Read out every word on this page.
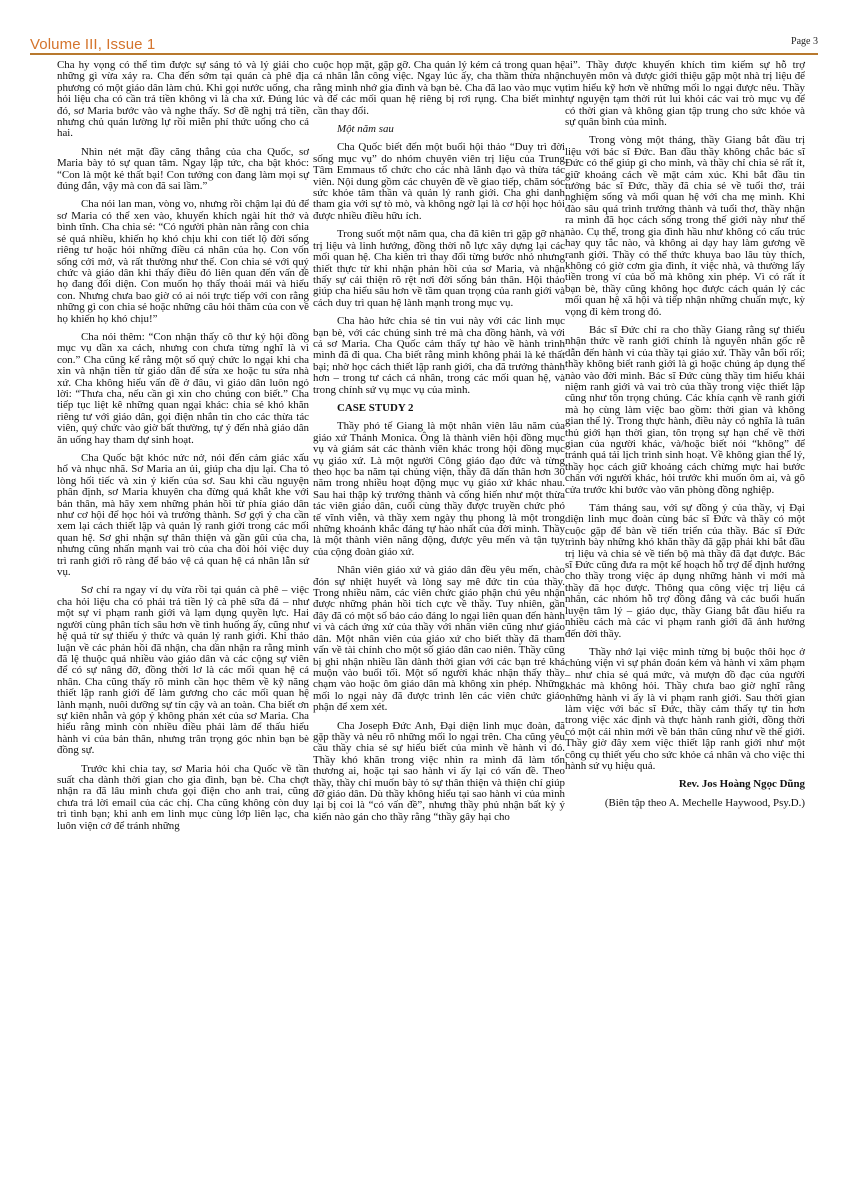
Volume III, Issue 1	Page 3

Cha hy vọng có thể tìm được sự sáng tỏ và lý giải cho những gì vừa xảy ra. Cha đến sớm tại quán cà phê địa phương có một giáo dân làm chủ. Khi gọi nước uống, cha hỏi liệu cha có cần trả tiền không vì là cha xứ. Đúng lúc đó, sơ Maria bước vào và nghe thấy. Sơ đề nghị trả tiền, nhưng chủ quán lường lự rồi miễn phí thức uống cho cả hai.

Nhìn nét mặt đầy căng thẳng của cha Quốc, sơ Maria bày tỏ sự quan tâm. Ngay lập tức, cha bật khóc: “Con là một kẻ thất bại! Con tưởng con đang làm mọi sự đúng đắn, vậy mà con đã sai lầm.”

Cha nói lan man, vòng vo, nhưng rồi chậm lại đủ để sơ Maria có thể xen vào, khuyến khích ngài hít thở và bình tĩnh. Cha chia sẻ: “Có người phàn nàn rằng con chia sẻ quá nhiều, khiến họ khó chịu khi con tiết lộ đời sống riêng tư hoặc hỏi những điều cá nhân của họ. Con vốn sống cởi mở, và rất thường như thế. Con chia sẻ với quý chức và giáo dân khi thấy điều đó liên quan đến vấn đề họ đang đối diện. Con muốn họ thấy thoải mái và hiểu con. Nhưng chưa bao giờ có ai nói trực tiếp với con rằng những gì con chia sẻ hoặc những câu hỏi thăm của con về họ khiến họ khó chịu!”

Cha nói thêm: “Con nhận thấy cô thư ký hội đồng mục vụ dần xa cách, nhưng con chưa từng nghĩ là vì con.” Cha cũng kể rằng một số quý chức lo ngại khi cha xin và nhận tiền từ giáo dân để sửa xe hoặc tu sửa nhà xứ. Cha không hiểu vấn đề ở đâu, vì giáo dân luôn ngỏ lời: “Thưa cha, nếu cần gì xin cho chúng con biết.” Cha tiếp tục liệt kê những quan ngại khác: chia sẻ khó khăn riêng tư với giáo dân, gọi điện nhắn tin cho các thừa tác viên, quý chức vào giờ bất thường, tự ý đến nhà giáo dân ăn uống hay tham dự sinh hoạt.

Cha Quốc bật khóc nức nở, nói đến cảm giác xấu hổ và nhục nhã. Sơ Maria an ủi, giúp cha dịu lại. Cha tỏ lòng hối tiếc và xin ý kiến của sơ. Sau khi cầu nguyện phân định, sơ Maria khuyên cha đừng quá khắt khe với bản thân, mà hãy xem những phản hồi từ phía giáo dân như cơ hội để học hỏi và trưởng thành. Sơ gợi ý cha cần xem lại cách thiết lập và quản lý ranh giới trong các mối quan hệ. Sơ ghi nhận sự thân thiện và gần gũi của cha, nhưng cũng nhấn mạnh vai trò của cha đòi hỏi việc duy trì ranh giới rõ ràng để bảo vệ cả quan hệ cá nhân lẫn sứ vụ.

Sơ chỉ ra ngay ví dụ vừa rồi tại quán cà phê – việc cha hỏi liệu cha có phải trả tiền lý cà phê sữa đá – như một sự vi phạm ranh giới và lạm dụng quyền lực. Hai người cùng phân tích sâu hơn về tình huống ấy, cũng như hệ quả từ sự thiếu ý thức và quản lý ranh giới. Khi thảo luận về các phản hồi đã nhận, cha dần nhận ra rằng mình đã lệ thuộc quá nhiều vào giáo dân và các cộng sự viên để có sự nâng đỡ, đồng thời lơ là các mối quan hệ cá nhân. Cha cũng thấy rõ mình cần học thêm về kỹ năng thiết lập ranh giới để làm gương cho các mối quan hệ lành mạnh, nuôi dưỡng sự tín cậy và an toàn. Cha biết ơn sự kiên nhẫn và góp ý không phán xét của sơ Maria. Cha hiểu rằng mình còn nhiều điều phải làm để thấu hiểu hành vi của bản thân, nhưng trân trọng góc nhìn bạn bè đồng sự.

Trước khi chia tay, sơ Maria hỏi cha Quốc về tần suất cha dành thời gian cho gia đình, bạn bè. Cha chợt nhận ra đã lâu mình chưa gọi điện cho anh trai, cũng chưa trả lời email của các chị. Cha cũng không còn duy trì tình bạn; khi anh em linh mục cùng lớp liên lạc, cha luôn viện cớ để tránh những

cuộc họp mặt, gặp gỡ. Cha quản lý kém cả trong quan hệ cá nhân lẫn công việc. Ngay lúc ấy, cha thầm thừa nhận rằng mình nhớ gia đình và bạn bè. Cha đã lao vào mục vụ và để các mối quan hệ riêng bị rơi rụng. Cha biết mình cần thay đổi.

Một năm sau

Cha Quốc biết đến một buổi hội thảo “Duy trì đời sống mục vụ” do nhóm chuyên viên trị liệu của Trung Tâm Emmaus tổ chức cho các nhà lãnh đạo và thừa tác viên. Nội dung gồm các chuyên đề về giao tiếp, chăm sóc sức khỏe tâm thần và quản lý ranh giới. Cha ghi danh tham gia với sự tò mò, và không ngờ lại là cơ hội học hỏi được nhiều điều hữu ích.

Trong suốt một năm qua, cha đã kiên trì gặp gỡ nhà trị liệu và linh hướng, đồng thời nỗ lực xây dựng lại các mối quan hệ. Cha kiên trì thay đổi từng bước nhỏ nhưng thiết thực từ khi nhận phản hồi của sơ Maria, và nhận thấy sự cải thiện rõ rệt nơi đời sống bản thân. Hội thảo giúp cha hiểu sâu hơn về tầm quan trọng của ranh giới và cách duy trì quan hệ lành mạnh trong mục vụ.

Cha hào hức chia sẻ tin vui này với các linh mục bạn bè, với các chúng sinh trẻ mà cha đồng hành, và với cả sơ Maria. Cha Quốc cảm thấy tự hào về hành trình mình đã đi qua. Cha biết rằng mình không phải là kẻ thất bại; nhờ học cách thiết lập ranh giới, cha đã trưởng thành hơn – trong tư cách cá nhân, trong các mối quan hệ, và trong chính sứ vụ mục vụ của mình.

CASE STUDY 2

Thầy phó tế Giang là một nhân viên lâu năm của giáo xứ Thánh Monica. Ông là thành viên hội đồng mục vụ và giám sát các thành viên khác trong hội đồng mục vụ giáo xứ. Là một người Công giáo đạo đức và từng theo học ba năm tại chủng viện, thầy đã dấn thân hơn 30 năm trong nhiều hoạt động mục vụ giáo xứ khác nhau. Sau hai thập kỷ trưởng thành và cống hiến như một thừa tác viên giáo dân, cuối cùng thầy được truyền chức phó tế vĩnh viễn, và thầy xem ngày thụ phong là một trong những khoảnh khắc đáng tự hào nhất của đời mình. Thầy là một thành viên năng động, được yêu mến và tận tụy của cộng đoàn giáo xứ.

Nhân viên giáo xứ và giáo dân đều yêu mến, chào đón sự nhiệt huyết và lòng say mê đức tin của thầy. Trong nhiều năm, các viên chức giáo phận chú yêu nhận được những phản hồi tích cực về thầy. Tuy nhiên, gần đây đã có một số báo cáo đáng lo ngại liên quan đến hành vi và cách ứng xử của thầy với nhân viên cũng như giáo dân. Một nhân viên của giáo xứ cho biết thầy đã tham vấn về tài chính cho một số giáo dân cao niên. Thầy cũng bị ghi nhận nhiều lần dành thời gian với các bạn trẻ khá muộn vào buổi tối. Một số người khác nhận thấy thầy chạm vào hoặc ôm giáo dân mà không xin phép. Những mối lo ngại này đã được trình lên các viên chức giáo phận để xem xét.

Cha Joseph Đức Anh, Đại diện linh mục đoàn, đã gặp thầy và nêu rõ những mối lo ngại trên. Cha cũng yêu cầu thầy chia sẻ sự hiểu biết của mình về hành vi đó. Thầy khó khăn trong việc nhìn ra mình đã làm tổn thương ai, hoặc tại sao hành vi ấy lại có vấn đề. Theo thầy, thầy chỉ muốn bày tỏ sự thân thiện và thiện chí giúp đỡ giáo dân. Dù thầy không hiểu tại sao hành vi của mình lại bị coi là “có vấn đề”, nhưng thầy phủ nhận bất kỳ ý kiến nào gán cho thầy rằng “thầy gây hại cho

ai”. Thầy được khuyến khích tìm kiếm sự hỗ trợ chuyên môn và được giới thiệu gặp một nhà trị liệu để tìm hiểu kỹ hơn về những mối lo ngại được nêu. Thầy tự nguyện tạm thời rút lui khỏi các vai trò mục vụ để có thời gian và không gian tập trung cho sức khỏe và sự quân bình của mình.

Trong vòng một tháng, thầy Giang bắt đầu trị liệu với bác sĩ Đức. Ban đầu thầy không chắc bác sĩ Đức có thể giúp gì cho mình, và thầy chỉ chia sẻ rất ít, giữ khoảng cách về mặt cảm xúc. Khi bắt đầu tin tưởng bác sĩ Đức, thầy đã chia sẻ về tuổi thơ, trải nghiệm sống và mối quan hệ với cha mẹ mình. Khi đào sâu quá trình trưởng thành và tuổi thơ, thầy nhận ra mình đã học cách sống trong thế giới này như thế nào. Cụ thể, trong gia đình hầu như không có cấu trúc hay quy tắc nào, và không ai dạy hay làm gương về ranh giới. Thầy có thể thức khuya bao lâu tùy thích, không có giờ cơm gia đình, ít việc nhà, và thường lấy tiền trong ví của bố mà không xin phép. Vì có rất ít bạn bè, thầy cũng không học được cách quản lý các mối quan hệ xã hội và tiếp nhận những chuẩn mực, kỳ vọng đi kèm trong đó.

Bác sĩ Đức chỉ ra cho thầy Giang rằng sự thiếu nhận thức về ranh giới chính là nguyên nhân gốc rễ dẫn đến hành vi của thầy tại giáo xứ. Thầy vẫn bối rối; thầy không biết ranh giới là gì hoặc chúng áp dụng thế nào vào đời mình. Bác sĩ Đức cùng thầy tìm hiểu khái niệm ranh giới và vai trò của thầy trong việc thiết lập cũng như tôn trọng chúng. Các khía cạnh về ranh giới mà họ cùng làm việc bao gồm: thời gian và không gian thể lý. Trong thực hành, điều này có nghĩa là tuân thủ giới hạn thời gian, tôn trọng sự hạn chế về thời gian của người khác, và/hoặc biết nói “không” để tránh quá tải lịch trình sinh hoạt. Về không gian thể lý, thầy học cách giữ khoảng cách chừng mực hai bước chân với người khác, hỏi trước khi muốn ôm ai, và gõ cửa trước khi bước vào văn phòng đồng nghiệp.

Tám tháng sau, với sự đồng ý của thầy, vị Đại diện linh mục đoàn cùng bác sĩ Đức và thầy có một cuộc gặp để bàn về tiến triển của thầy. Bác sĩ Đức trình bày những khó khăn thầy đã gặp phải khi bắt đầu trị liệu và chia sẻ về tiến bộ mà thầy đã đạt được. Bác sĩ Đức cũng đưa ra một kế hoạch hỗ trợ để định hướng cho thầy trong việc áp dụng những hành vi mới mà thầy đã học được. Thông qua công việc trị liệu cá nhân, các nhóm hỗ trợ đồng đẳng và các buổi huấn luyện tâm lý – giáo dục, thầy Giang bắt đầu hiểu ra nhiều cách mà các vi phạm ranh giới đã ảnh hưởng đến đời thầy.

Thầy nhớ lại việc mình từng bị buộc thôi học ở chủng viện vì sự phán đoán kém và hành vi xâm phạm – như chia sẻ quá mức, và mượn đồ đạc của người khác mà không hỏi. Thầy chưa bao giờ nghĩ rằng những hành vi ấy là vi phạm ranh giới. Sau thời gian làm việc với bác sĩ Đức, thầy cảm thấy tự tin hơn trong việc xác định và thực hành ranh giới, đồng thời có một cái nhìn mới về bản thân cũng như về thế giới. Thầy giờ đây xem việc thiết lập ranh giới như một công cụ thiết yếu cho sức khỏe cá nhân và cho việc thi hành sứ vụ hiệu quả.

Rev. Jos Hoàng Ngọc Dũng

(Biên tập theo A. Mechelle Haywood, Psy.D.)
